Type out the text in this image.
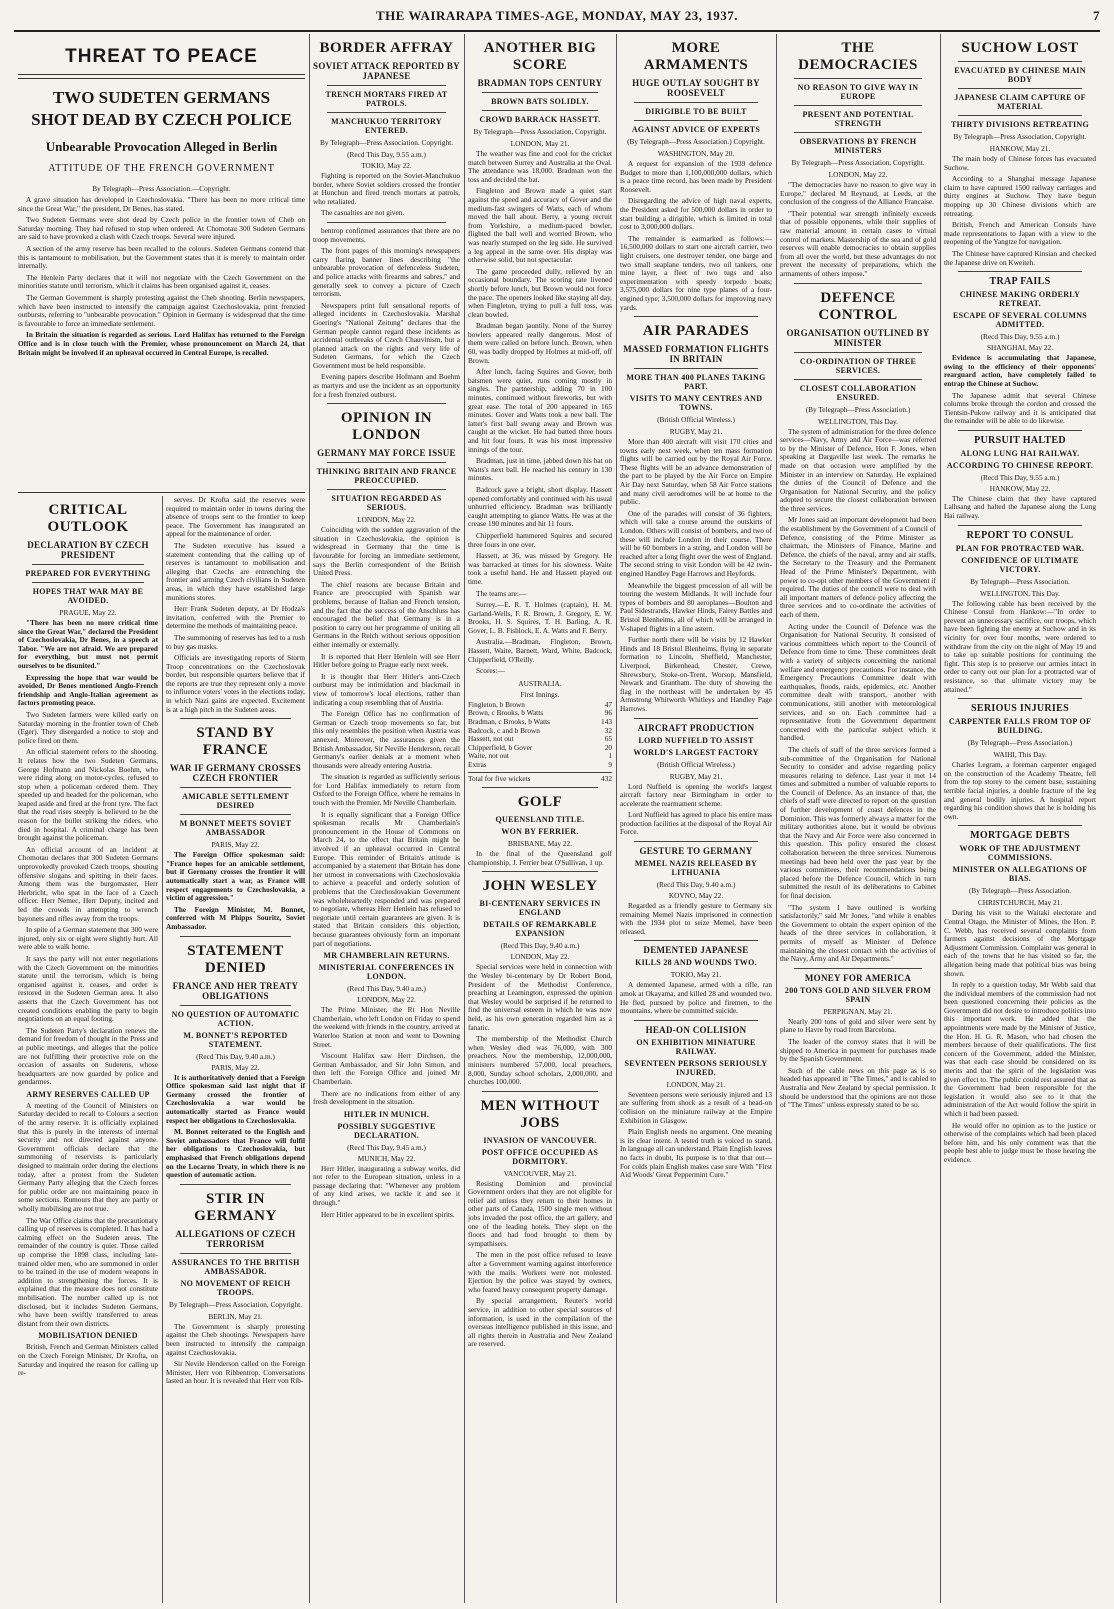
THE WAIRARAPA TIMES-AGE, MONDAY, MAY 23, 1937.	7
THREAT TO PEACE
TWO SUDETEN GERMANS SHOT DEAD BY CZECH POLICE
Unbearable Provocation Alleged in Berlin
ATTITUDE OF THE FRENCH GOVERNMENT
By Telegraph—Press Association.—Copyright.

A grave situation has developed in Czechoslovakia. "There has been no more critical time since the Great War," the president, Dr Benes, has stated.

Two Sudeten Germans were shot dead by Czech police in the frontier town of Cheb on Saturday morning. They had refused to stop when ordered. At Chomotau 300 Sudeten Germans are said to have provoked a clash with Czech troops. Several were injured.

A section of the army reserve has been recalled to the colours. Sudeten Germans contend that this is tantamount to mobilisation, but the Government states that it is merely to maintain order internally.

The Henlein Party declares that it will not negotiate with the Czech Government on the minorities statute until terrorism, which it claims has been organised against it, ceases.

The German Government is sharply protesting against the Cheb shooting. Berlin newspapers, which have been instructed to intensify the campaign against Czechoslovakia, print frenzied outbursts, referring to "unbearable provocation." Opinion in Germany is widespread that the time is favourable to force an immediate settlement.

In Britain the situation is regarded as serious. Lord Halifax has returned to the Foreign Office and is in close touch with the Premier, whose pronouncement on March 24, that Britain might be involved if an upheaval occurred in Central Europe, is recalled.

CRITICAL OUTLOOK
DECLARATION BY CZECH PRESIDENT
PREPARED FOR EVERYTHING
HOPES THAT WAR MAY BE AVOIDED.
PRAGUE, May 22.

"There has been no more critical time since the Great War," declared the President of Czechoslovakia, Dr Benes, in a speech at Tabor. "We are not afraid. We are prepared for everything, but must not permit ourselves to be disunited."

Expressing the hope that war would be avoided, Dr Benes mentioned Anglo-French friendship and Anglo-Italian agreement as factors promoting peace.

Two Sudeten farmers were killed early on Saturday morning in the frontier town of Cheb (Eger). They disregarded a notice to stop and police fired on them.

An official statement refers to the shooting. It relates how the two Sudeten Germans, George Hofmann and Nickolas Boehm, who were riding along on motor-cycles, refused to stop when a policeman ordered them. They speeded up and headed for the policeman, who leaped aside and fired at the front tyre. The fact that the road rises steeply is believed to be the reason for the bullet striking the riders, who died in hospital. A criminal charge has been brought against the policeman.

An official account of an incident at Chomotau declares that 300 Sudeten Germans unprovokedly provoked Czech troops, shouting offensive slogans and spitting in their faces. Among them was the burgomaster, Herr Herbricht, who spat in the face of a Czech officer. Herr Nemec, Herr Deputy, incited and led the crowds in attempting to wrench bayonets and rifles away from the troops.

In spite of a German statement that 300 were injured, only six or eight were slightly hurt. All were able to walk home.

It says the party will not enter negotiations with the Czech Government on the minorities statute until the terrorism, which is being organised against it, ceases, and order is restored in the Sudeten German area. It also asserts that the Czech Government has not created conditions enabling the party to begin negotiations on an equal footing.

The Sudeten Party's declaration renews the demand for freedom of thought in the Press and at public meetings, and alleges that the police are not fulfilling their protective role on the occasion of assaults on Sudetens, whose headquarters are now guarded by police and gendarmes.

ARMY RESERVES CALLED UP

A meeting of the Council of Ministers on Saturday decided to recall to Colours a section of the army reserve. It is officially explained that this is purely in the interests of internal security and not directed against anyone. Government officials declare that the summoning of reservists is particularly designed to maintain order during the elections today, after a protest from the Sudeten Germany Party alleging that the Czech forces for public order are not maintaining peace in some sections. Rumours that they are partly or wholly mobilising are not true.

The War Office claims that the precautionary calling up of reserves is completed. It has had a calming effect on the Sudeten areas. The remainder of the country is quiet. Those called up comprise the 1898 class, including late-trained older men, who are summoned in order to be trained in the use of modern weapons in addition to strengthening the forces. It is explained that the measure does not constitute mobilisation. The number called up is not disclosed, but it includes Sudeten Germans, who have been swiftly transferred to areas distant from their own districts.

MOBILISATION DENIED

British, French and German Ministers called on the Czech Foreign Minister, Dr Krofta, on Saturday and inquired the reason for calling up re-

serves. Dr Krofta said the reserves were required to maintain order in towns during the absence of troops sent to the frontier to keep peace. The Government has inaugurated an appeal for the maintenance of order.

The Sudeten executive has issued a statement contending that the calling up of reserves is tantamount to mobilisation and alleging that Czechs are entrenching the frontier and arming Czech civilians in Sudeten areas, in which they have established large munitions stores.

Herr Frank Sudeten deputy, at Dr Hodza's invitation, conferred with the Premier to determine the methods of maintaining peace.

The summoning of reserves has led to a rush to buy gas masks.

Officials are investigating reports of Storm Troop concentrations on the Czechoslovak border, but responsible quarters believe that if the reports are true they represent only a move to influence voters' votes in the elections today, in which Nazi gains are expected. Excitement is at a high pitch in the Sudeten areas.

STAND BY FRANCE
WAR IF GERMANY CROSSES CZECH FRONTIER
AMICABLE SETTLEMENT DESIRED
M BONNET MEETS SOVIET AMBASSADOR
PARIS, May 22.

The Foreign Office spokesman said: "France hopes for an amicable settlement, but if Germany crosses the frontier it will automatically start a war, as France will respect engagements to Czechoslovakia, a victim of aggression."

The Foreign Minister, M. Bonnet, conferred with M Phipps Souritz, Soviet Ambassador.

STATEMENT DENIED
FRANCE AND HER TREATY OBLIGATIONS
NO QUESTION OF AUTOMATIC ACTION.
M. BONNET'S REPORTED STATEMENT.
(Recd This Day, 9.40 a.m.)
PARIS, May 22.

It is authoritatively denied that a Foreign Office spokesman said last night that if Germany crossed the frontier of Czechoslovakia a war would be automatically started as France would respect her obligations to Czechoslovakia.

M. Bonnet reiterated to the English and Soviet ambassadors that France will fulfil her obligations to Czechoslovakia, but emphasised that French obligations depend on the Locarno Treaty, in which there is no question of automatic action.

STIR IN GERMANY
ALLEGATIONS OF CZECH TERRORISM
ASSURANCES TO THE BRITISH AMBASSADOR.
NO MOVEMENT OF REICH TROOPS.
By Telegraph—Press Association, Copyright.
BERLIN, May 21.

The Government is sharply protesting against the Cheb shootings. Newspapers have been instructed to intensify the campaign against Czechoslovakia.

Sir Nevile Henderson called on the Foreign Minister, Herr von Ribbentrop. Conversations lasted an hour. It is revealed that Herr von Rib-

BORDER AFFRAY
SOVIET ATTACK REPORTED BY JAPANESE
TRENCH MORTARS FIRED AT PATROLS.
MANCHUKUO TERRITORY ENTERED.
By Telegraph—Press Association. Copyright.
(Recd This Day, 9.55 a.m.)
TOKIO, May 22.

Fighting is reported on the Soviet-Manchukuo border, where Soviet soldiers crossed the frontier at Hunchun and fired trench mortars at patrols, who retaliated.

The casualties are not given.

bentrop confirmed assurances that there are no troop movements.

The front pages of this morning's newspapers carry flaring banner lines describing "the unbearable provocation of defenceless Sudeten, and police attacks with firearms and sabres," and generally seek to convey a picture of Czech terrorism.

Newspapers print full sensational reports of alleged incidents in Czechoslovakia. Marshal Goering's "National Zeitung" declares that the German people cannot regard these incidents as accidental outbreaks of Czech Chauvinism, but a planned attack on the rights and very life of Sudeten Germans, for which the Czech Government must be held responsible.

Evening papers describe Hofmann and Boehm as martyrs and use the incident as an opportunity for a fresh frenzied outburst.

OPINION IN LONDON
GERMANY MAY FORCE ISSUE
THINKING BRITAIN AND FRANCE PREOCCUPIED.
SITUATION REGARDED AS SERIOUS.
LONDON, May 22.

Coinciding with the sudden aggravation of the situation in Czechoslovakia, the opinion is widespread in Germany that the time is favourable for forcing an immediate settlement, says the Berlin correspondent of the British United Press.

The chief reasons are because Britain and France are preoccupied with Spanish war problems, because of Italian and French tension, and the fact that the success of the Anschluss has encouraged the belief that Germany is in a position to carry out her programme of uniting all Germans in the Reich without serious opposition either internally or externally.

It is reported that Herr Henlein will see Herr Hitler before going to Prague early next week.

It is thought that Herr Hitler's anti-Czech outburst may be intimidation and blackmail in view of tomorrow's local elections, rather than indicating a coup resembling that of Austria.

The Foreign Office has no confirmation of German or Czech troop movements so far, but this only resembles the position when Austria was annexed. Moreover, the assurances given the British Ambassador, Sir Neville Henderson, recall Germany's earlier denials at a moment when thousands were already entering Austria.

The situation is regarded as sufficiently serious for Lord Halifax immediately to return from Oxford to the Foreign Office, where he remains in touch with the Premier, Mr Neville Chamberlain.

It is equally significant that a Foreign Office spokesman recalls Mr Chamberlain's pronouncement in the House of Commons on March 24, to the effect that Britain might be involved if an upheaval occurred in Central Europe. This reminder of Britain's attitude is accompanied by a statement that Britain has done her utmost in conversations with Czechoslovakia to achieve a peaceful and orderly solution of problems that the Czechoslovakian Government was wholeheartedly responded and was prepared to negotiate, whereas Herr Henlein has refused to negotiate until certain guarantees are given. It is stated that Britain considers this objection, because guarantees obviously form an important part of negotiations.

MR CHAMBERLAIN RETURNS.
MINISTERIAL CONFERENCES IN LONDON.
(Recd This Day, 9.40 a.m.)
LONDON, May 22.

The Prime Minister, the Rt Hon Neville Chamberlain, who left London on Friday to spend the weekend with friends in the country, arrived at Waterloo Station at noon and went to Downing Street.

Viscount Halifax saw Herr Dirchsen, the German Ambassador, and Sir John Simon, and then left the Foreign Office and joined Mr Chamberlain.

There are no indications from either of any fresh development in the situation.

HITLER IN MUNICH.
POSSIBLY SUGGESTIVE DECLARATION.
(Recd This Day, 9.45 a.m.)
MUNICH, May 22.

Herr Hitler, inaugurating a subway works, did not refer to the European situation, unless in a passage declaring that: "Whenever any problem of any kind arises, we tackle it and see it through."

Herr Hitler appeared to be in excellent spirits.

ANOTHER BIG SCORE
BRADMAN TOPS CENTURY
BROWN BATS SOLIDLY.
CROWD BARRACK HASSETT.
By Telegraph—Press Association, Copyright.
LONDON, May 21.

The weather was fine and cool for the cricket match between Surrey and Australia at the Oval. The attendance was 18,000. Bradman won the toss and decided the bat.

Fingleton and Brown made a quiet start against the speed and accuracy of Gover and the medium-fast swingers of Watts, each of whom moved the ball about. Berry, a young recruit from Yorkshire, a medium-paced bowler, flighted the ball well and worried Brown, who was nearly stumped on the leg side. He survived a leg appeal in the same over. His display was otherwise solid, but not spectacular.

The game proceeded dully, relieved by an occasional boundary. The scoring rate livened shortly before lunch, but Brown would not force the pace. The openers looked like staying all day, when Fingleton, trying to pull a full toss, was clean bowled.

Bradman began jauntily. None of the Surrey bowlers appeared really dangerous. Most of them were called on before lunch. Brown, when 60, was badly dropped by Holmes at mid-off, off Brown.

After lunch, facing Squires and Gover, both batsmen were quiet, runs coming mostly in singles. The partnership, adding 70 in 100 minutes, continued without fireworks, but with great ease. The total of 200 appeared in 165 minutes. Gover and Watts took a new ball. The latter's first ball swung away and Brown was caught at the wicket. He had batted three hours and hit four fours. It was his most impressive innings of the tour.

Bradman, just in time, jabbed down his bat on Watts's next ball. He reached his century in 130 minutes.

Badcock gave a bright, short display. Hassett opened comfortably and continued with his usual unhurried efficiency. Bradman was brilliantly caught attempting to glance Watts. He was at the crease 190 minutes and hit 11 fours.

Chipperfield hammered Squires and secured three fours in one over.

Hassett, at 36, was missed by Gregory. He was barracked at times for his slowness. Waite took a useful hand. He and Hassett played out time.

The teams are:—

Surrey.—E. R. T. Holmes (captain), H. M. Garland-Wells, F. R. Brown, J. Gregory, E. W. Brooks, H. S. Squires, T. H. Barling, A. R. Gover, L. B. Fishlock, E. A. Watts and F. Berry.

Australia.—Bradman, Fingleton, Brown, Hassett, Waite, Barnett, Ward, White, Badcock, Chipperfield, O'Reilly.

Scores:—

AUSTRALIA.
First Innings.
Fingleton, b Brown	47
Brown, c Brooks, b Watts	96
Bradman, c Brooks, b Watts	143
Badcock, c and b Brown	32
Hassett, not out	65
Chipperfield, b Gover	20
Waite, not out	1
Extras	9
Total for five wickets	432
GOLF
QUEENSLAND TITLE.
WON BY FERRIER.
BRISBANE, May 22.

In the final of the Queensland golf championship, J. Ferrier beat O'Sullivan, 1 up.

JOHN WESLEY
BI-CENTENARY SERVICES IN ENGLAND
DETAILS OF REMARKABLE EXPANSION
(Recd This Day, 9.40 a.m.)
LONDON, May 22.

Special services were held in connection with the Wesley bi-centenary by Dr Robert Bond, President of the Methodist Conference, preaching at Leamington, expressed the opinion that Wesley would be surprised if he returned to find the universal esteem in which he was now held, as his own generation regarded him as a fanatic.

The membership of the Methodist Church when Wesley died was 76,000, with 300 preachers. Now the membership, 12,000,000, ministers numbered 57,000, local preachers, 8,000, Sunday school scholars, 2,000,000, and churches 100,000.

MEN WITHOUT JOBS
INVASION OF VANCOUVER.
POST OFFICE OCCUPIED AS DORMITORY.
VANCOUVER, May 21.

Resisting Dominion and provincial Government orders that they are not eligible for relief aid unless they return to their homes in other parts of Canada, 1500 single men without jobs invaded the post office, the art gallery, and one of the leading hotels. They slept on the floors and had food brought to them by sympathisers.

The men in the post office refused to leave after a Government warning against interference with the mails. Workers were not molested. Ejection by the police was stayed by owners, who feared heavy consequent property damage.

By special arrangement, Reuter's world service, in addition to other special sources of information, is used in the compilation of the overseas intelligence published in this issue, and all rights therein in Australia and New Zealand are reserved.

MORE ARMAMENTS
HUGE OUTLAY SOUGHT BY ROOSEVELT
DIRIGIBLE TO BE BUILT
AGAINST ADVICE OF EXPERTS
(By Telegraph—Press Association.) Copyright.
WASHINGTON, May 20.

A request for expansion of the 1939 defence Budget to more than 1,100,000,000 dollars, which is a peace time record, has been made by President Roosevelt.

Disregarding the advice of high naval experts, the President asked for 500,000 dollars in order to start building a dirigible, which is limited in total cost to 3,000,000 dollars.

The remainder is earmarked as follows:—16,500,000 dollars to start one aircraft carrier, two light cruisers, one destroyer tender, one barge and two small seaplane tenders, two oil tankers, one mine layer, a fleet of two tugs and also experimentation with speedy torpedo boats; 3,575,000 dollars for nine type planes of a four-engined type; 3,500,000 dollars for improving navy yards.

AIR PARADES
MASSED FORMATION FLIGHTS IN BRITAIN
MORE THAN 400 PLANES TAKING PART.
VISITS TO MANY CENTRES AND TOWNS.
(British Official Wireless.)
RUGBY, May 21.

More than 400 aircraft will visit 170 cities and towns early next week, when ten mass formation flights will be carried out by the Royal Air Force. These flights will be an advance demonstration of the part to be played by the Air Force on Empire Air Day next Saturday, when 58 Air Force stations and many civil aerodromes will be at home to the public.

One of the parades will consist of 36 fighters, which will take a course around the outskirts of London. Others will consist of bombers, and two of these will include London in their course. There will be 60 bombers in a string, and London will be reached after a long flight over the west of England. The second string to visit London will be 42 twin-engined Handley Page Harrows and Heyfords.

Meanwhile the biggest procession of all will be touring the western Midlands. It will include four types of bombers and 80 aeroplanes—Boulton and Paul Sidestrands, Hawker Hinds, Fairey Battles and Bristol Blenheims, all of which will be arranged in V-shaped flights in a line astern.

Further north there will be visits by 12 Hawker Hinds and 18 Bristol Blenheims, flying in separate formation to Lincoln, Sheffield, Manchester, Liverpool, Birkenhead, Chester, Crewe, Shrewsbury, Stoke-on-Trent, Worsop, Mansfield, Newark and Grantham. The duty of showing the flag in the northeast will be undertaken by 45 Armstrong Whitworth Whitleys and Handley Page Harrows.

AIRCRAFT PRODUCTION
LORD NUFFIELD TO ASSIST
WORLD'S LARGEST FACTORY
(British Official Wireless.)
RUGBY, May 21.

Lord Nuffield is opening the world's largest aircraft factory near Birmingham in order to accelerate the rearmament scheme.

Lord Nuffield has agreed to place his entire mass production facilities at the disposal of the Royal Air Force.

GESTURE TO GERMANY
MEMEL NAZIS RELEASED BY LITHUANIA
(Recd This Day, 9.40 a.m.)
KOVNO, May 22.

Regarded as a friendly gesture to Germany six remaining Memel Nazis imprisoned in connection with the 1934 plot to seize Memel, have been released.

DEMENTED JAPANESE
KILLS 28 AND WOUNDS TWO.
TOKIO, May 21.

A demented Japanese, armed with a rifle, ran amok at Okayama, and killed 28 and wounded two. He fled, pursued by police and firemen, to the mountains, where he committed suicide.

HEAD-ON COLLISION
ON EXHIBITION MINIATURE RAILWAY.
SEVENTEEN PERSONS SERIOUSLY INJURED.
LONDON, May 21.

Seventeen persons were seriously injured and 13 are suffering from shock as a result of a head-on collision on the miniature railway at the Empire Exhibition in Glasgow.

Plain English needs no argument. One meaning is its clear intent. A tested truth is voiced to stand, In language all can understand. Plain English leaves no facts in doubt, Its purpose is to that that out— For colds plain English makes case sure With "First Aid Woods' Great Peppermint Cure."

THE DEMOCRACIES
NO REASON TO GIVE WAY IN EUROPE
PRESENT AND POTENTIAL STRENGTH
OBSERVATIONS BY FRENCH MINISTERS
By Telegraph—Press Association, Copyright.
LONDON, May 22.

"The democracies have no reason to give way in Europe," declared M Reynaud, at Leeds, at the conclusion of the congress of the Alliance Francaise.

"Their potential war strength infinitely exceeds that of possible opponents, while their supplies of raw material amount in certain cases to virtual control of markets. Mastership of the sea and of gold reserves will enable democracies to obtain supplies from all over the world, but these advantages do not prevent the necessity of preparations, which the armaments of others impose."

DEFENCE CONTROL
ORGANISATION OUTLINED BY MINISTER
CO-ORDINATION OF THREE SERVICES.
CLOSEST COLLABORATION ENSURED.
(By Telegraph—Press Association.)
WELLINGTON, This Day.

The system of administration for the three defence services—Navy, Army and Air Force—was referred to by the Minister of Defence, Hon F. Jones, when speaking at Dargaville last week. The remarks he made on that occasion were amplified by the Minister in an interview on Saturday. He explained the duties of the Council of Defence and the Organisation for National Security, and the policy adopted to secure the closest collaboration between the three services.

Mr Jones said an important development had been the establishment by the Government of a Council of Defence, consisting of the Prime Minister as chairman, the Ministers of Finance, Marine and Defence, the chiefs of the naval, army and air staffs, the Secretary to the Treasury and the Permanent Head of the Prime Minister's Department, with power to co-opt other members of the Government if required. The duties of the council were to deal with all important matters of defence policy affecting the three services and to co-ordinate the activities of each of them.

Acting under the Council of Defence was the Organisation for National Security. It consisted of various committees which report to the Council of Defence from time to time. These committees dealt with a variety of subjects concerning the national welfare and emergency precautions. For instance, the Emergency Precautions Committee dealt with earthquakes, floods, raids, epidemics, etc. Another committee dealt with transport, another with communications, still another with meteorological services, and so on. Each committee had a representative from the Government department concerned with the particular subject which it handled.

The chiefs of staff of the three services formed a sub-committee of the Organisation for National Security to consider and advise regarding policy measures relating to defence. Last year it met 14 times and submitted a number of valuable reports to the Council of Defence. As an instance of that, the chiefs of staff were directed to report on the question of further development of coast defences in the Dominion. This was formerly always a matter for the military authorities alone, but it would be obvious that the Navy and Air Force were also concerned in this question. This policy ensured the closest collaboration between the three services. Numerous meetings had been held over the past year by the various committees, their recommendations being placed before the Defence Council, which in turn submitted the result of its deliberations to Cabinet for final decision.

"The system I have outlined is working satisfactorily," said Mr Jones, "and while it enables the Government to obtain the expert opinion of the heads of the three services in collaboration, it permits of myself as Minister of Defence maintaining the closest contact with the activities of the Navy, Army and Air Departments."

MONEY FOR AMERICA
200 TONS GOLD AND SILVER FROM SPAIN
PERPIGNAN, May 21.

Nearly 200 tons of gold and silver were sent by plane to Havre by road from Barcelona.

The leader of the convoy states that it will be shipped to America in payment for purchases made by the Spanish Government.

Such of the cable news on this page as is so headed has appeared in "The Times," and is cabled to Australia and New Zealand by special permission. It should be understood that the opinions are not those of "The Times" unless expressly stated to be so.

SUCHOW LOST
EVACUATED BY CHINESE MAIN BODY
JAPANESE CLAIM CAPTURE OF MATERIAL
THIRTY DIVISIONS RETREATING
By Telegraph—Press Association, Copyright.
HANKOW, May 21.

The main body of Chinese forces has evacuated Suchow.

According to a Shanghai message Japanese claim to have captured 1500 railway carriages and thirty engines at Suchow. They have begun mopping up 30 Chinese divisions which are retreating.

British, French and American Consuls have made representations to Japan with a view to the reopening of the Yangtze for navigation.

The Chinese have captured Kinsian and checked the Japanese drive on Kweiteh.

TRAP FAILS
CHINESE MAKING ORDERLY RETREAT.
ESCAPE OF SEVERAL COLUMNS ADMITTED.
(Recd This Day, 9.55 a.m.)
SHANGHAI, May 22.

Evidence is accumulating that Japanese, owing to the efficiency of their opponents' rearguard action, have completely failed to entrap the Chinese at Suchow.

The Japanese admit that several Chinese columns broke through the cordon and crossed the Tientsin-Pukow railway and it is anticipated that the remainder will be able to do likewise.

PURSUIT HALTED
ALONG LUNG HAI RAILWAY.
ACCORDING TO CHINESE REPORT.
(Recd This Day, 9.55 a.m.)
HANKOW, May 22.

The Chinese claim that they have captured Lalhsang and halted the Japanese along the Lung Hai railway.

REPORT TO CONSUL
PLAN FOR PROTRACTED WAR.
CONFIDENCE OF ULTIMATE VICTORY.
By Telegraph—Press Association.
WELLINGTON, This Day.

The following cable has been received by the Chinese Consul from Hankow:—"In order to prevent an unnecessary sacrifice, our troops, which have been fighting the enemy at Suchow and in its vicinity for over four months, were ordered to withdraw from the city on the night of May 19 and to take up suitable positions for continuing the fight. This step is to preserve our armies intact in order to carry out our plan for a protracted war of resistance, so that ultimate victory may be attained."

SERIOUS INJURIES
CARPENTER FALLS FROM TOP OF BUILDING.
(By Telegraph—Press Association.)
WAIHI, This Day.

Charles Legram, a foreman carpenter engaged on the construction of the Academy Theatre, fell from the top storey to the cement base, sustaining terrible facial injuries, a double fracture of the leg and general bodily injuries. A hospital report regarding his condition shows that he is holding his own.

MORTGAGE DEBTS
WORK OF THE ADJUSTMENT COMMISSIONS.
MINISTER ON ALLEGATIONS OF BIAS.
(By Telegraph—Press Association.
CHRISTCHURCH, May 21.

During his visit to the Waitaki electorate and Central Otago, the Minister of Mines, the Hon. P. C. Webb, has received several complaints from farmers against decisions of the Mortgage Adjustment Commission. Complaint was general in each of the towns that he has visited so far, the allegation being made that political bias was being shown.

In reply to a question today, Mr Webb said that the individual members of the commission had not been questioned concerning their policies as the Government did not desire to introduce politics into this important work. He added that the appointments were made by the Minister of Justice, the Hon. H. G. R. Mason, who had chosen the members because of their qualifications. The first concern of the Government, added the Minister, was that each case should be considered on its merits and that the spirit of the legislation was given effect to. The public could rest assured that as the Government had been responsible for the legislation it would also see to it that the administration of the Act would follow the spirit in which it had been passed.

He would offer no opinion as to the justice or otherwise of the complaints which had been placed before him, and his only comment was that the people best able to judge must be those hearing the evidence.
